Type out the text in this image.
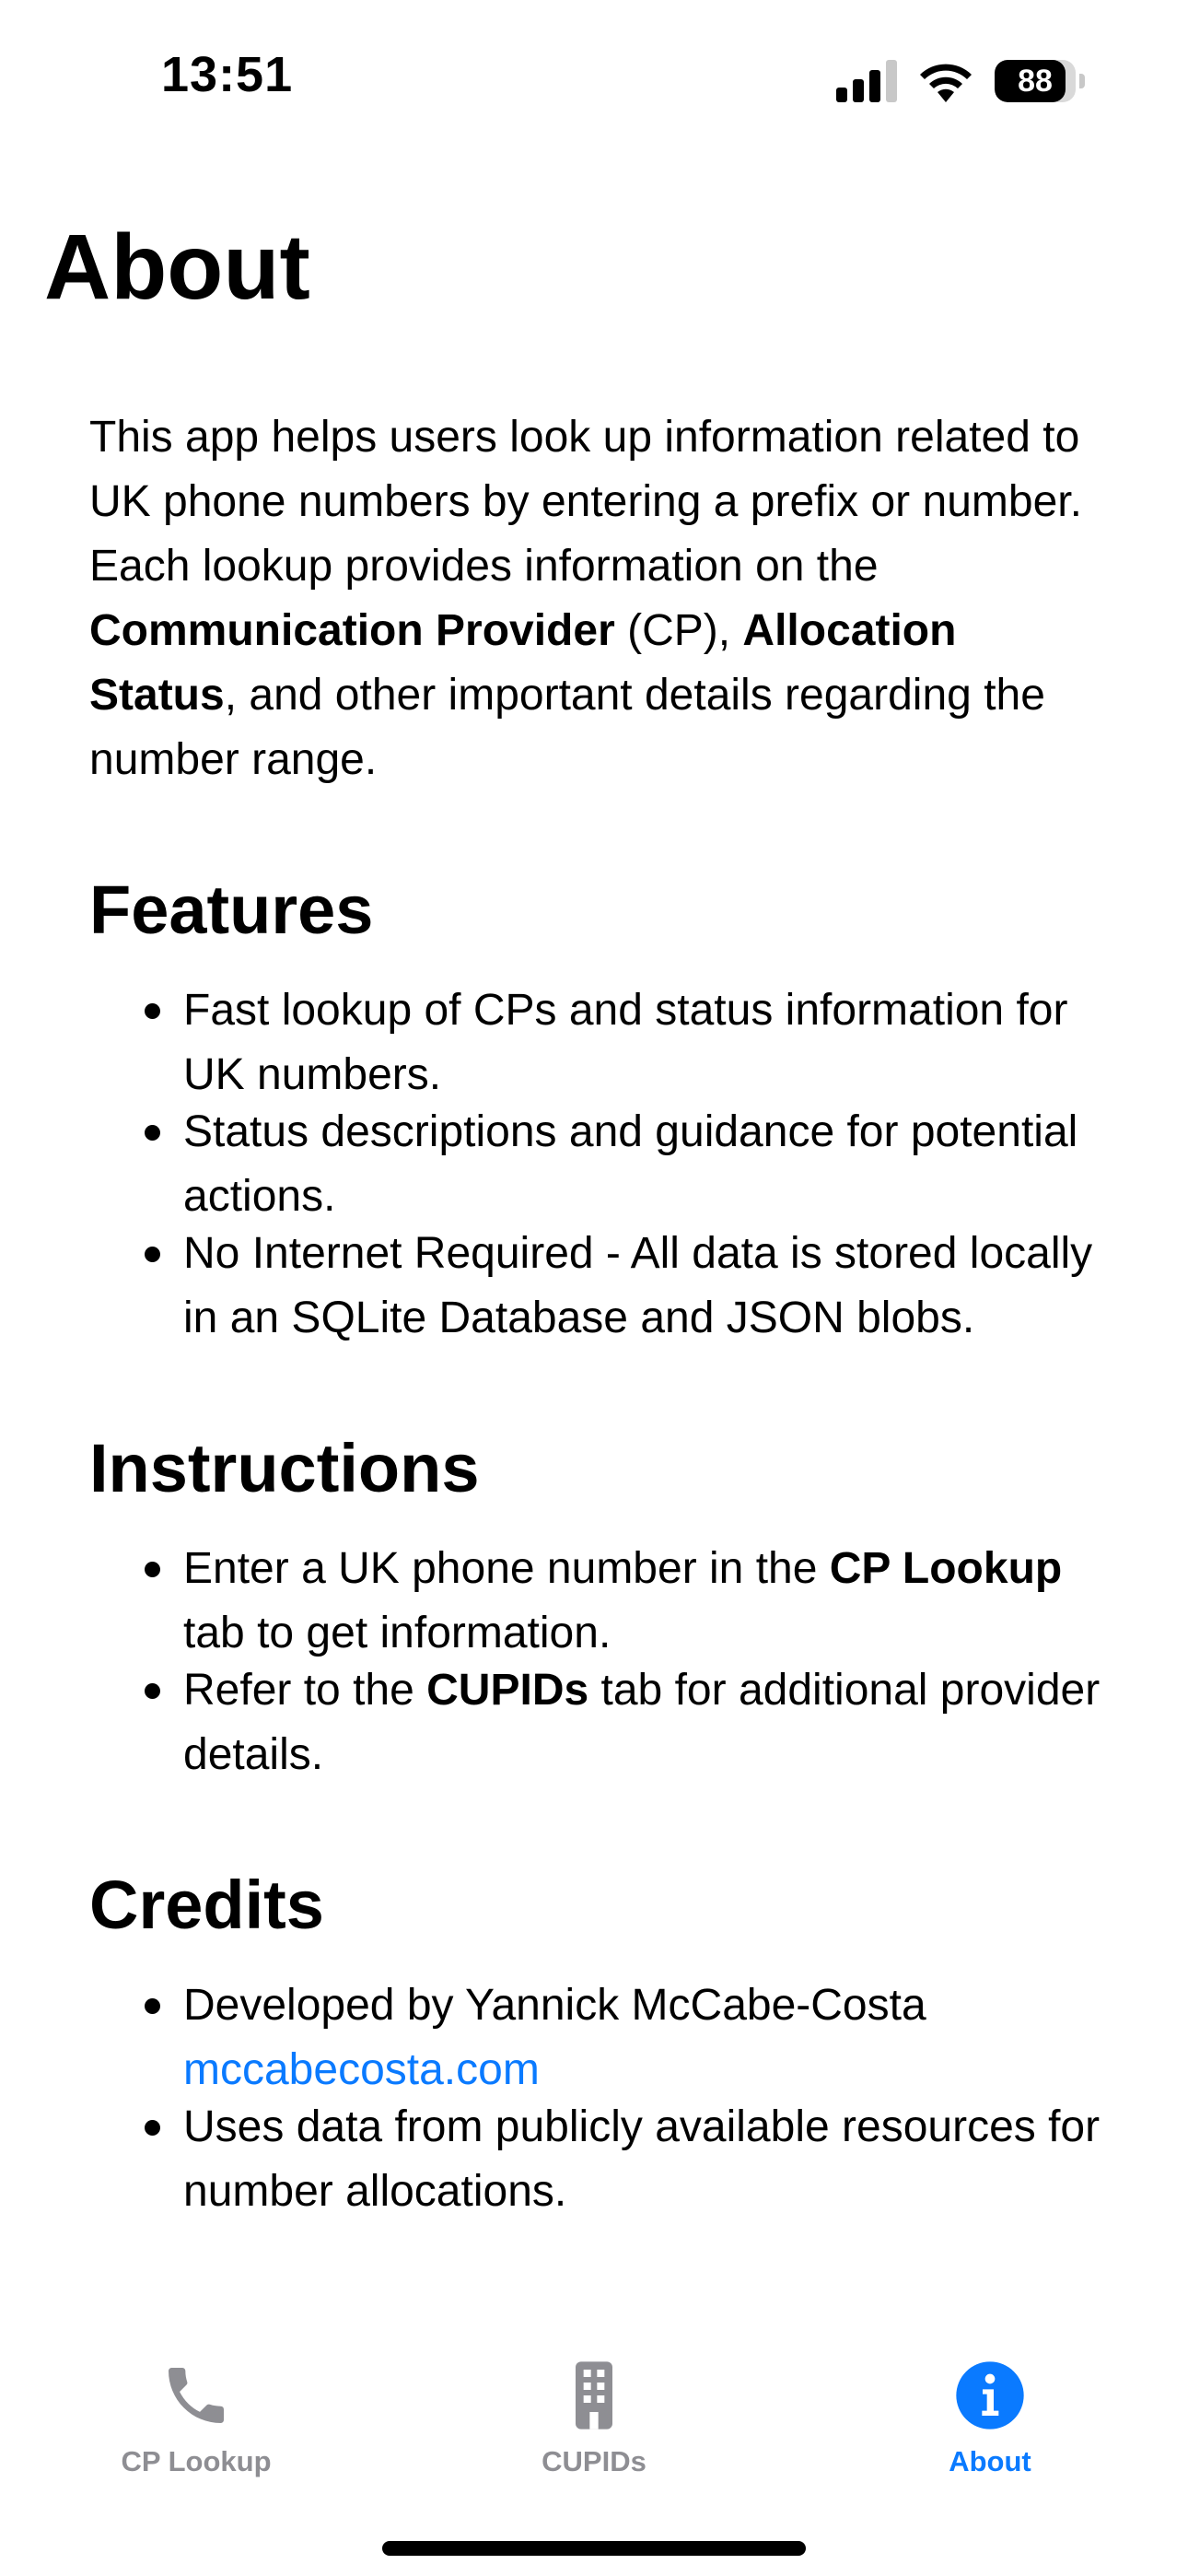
13:51	88
About

This app helps users look up information related to UK phone numbers by entering a prefix or number. Each lookup provides information on the Communication Provider (CP), Allocation Status, and other important details regarding the number range.

Features
Fast lookup of CPs and status information for UK numbers.
Status descriptions and guidance for potential actions.
No Internet Required - All data is stored locally in an SQLite Database and JSON blobs.
Instructions
Enter a UK phone number in the CP Lookup tab to get information.
Refer to the CUPIDs tab for additional provider details.
Credits
Developed by Yannick McCabe-Costa mccabecosta.com
Uses data from publicly available resources for number allocations.
CP Lookup	CUPIDs	About
